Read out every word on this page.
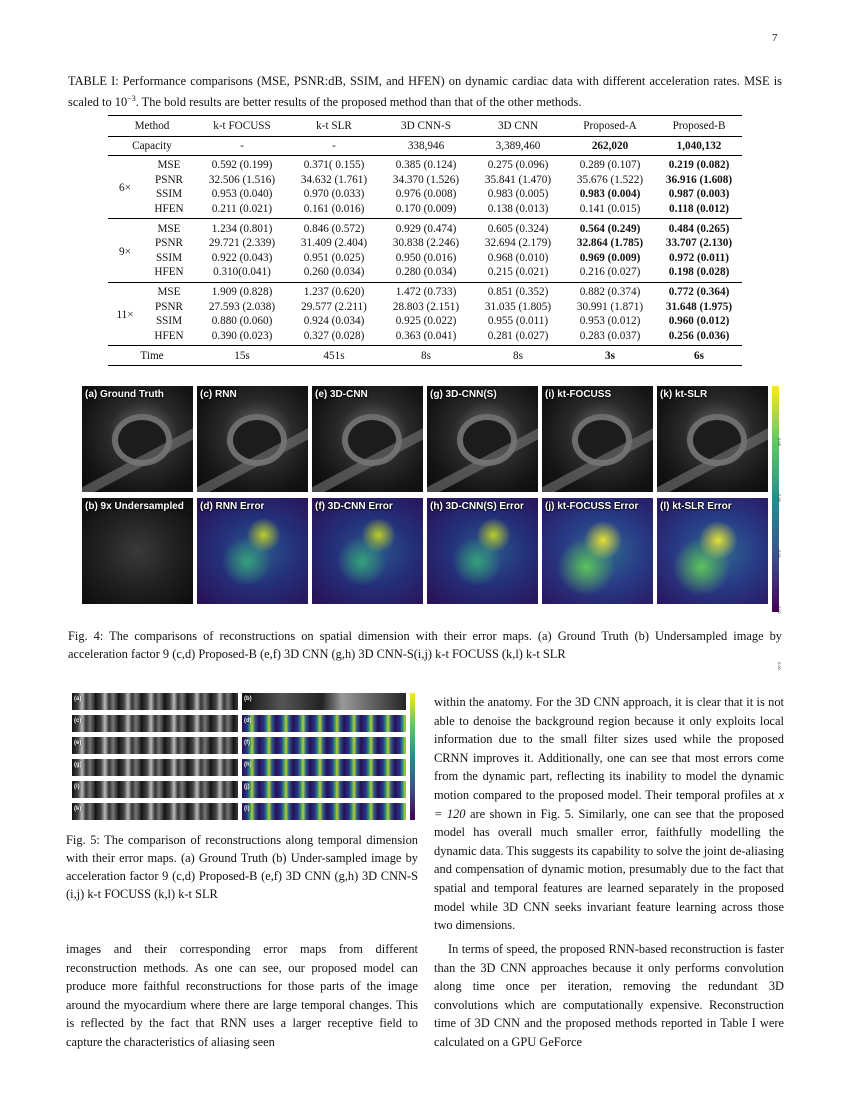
7
TABLE I: Performance comparisons (MSE, PSNR:dB, SSIM, and HFEN) on dynamic cardiac data with different acceleration rates. MSE is scaled to $10^{-3}$. The bold results are better results of the proposed method than that of the other methods.
Method		k-t FOCUSS	k-t SLR	3D CNN-S	3D CNN	Proposed-A	Proposed-B
Capacity		-	-	338,946	3,389,460	262,020	1,040,132
6×	MSE	0.592 (0.199)	0.371( 0.155)	0.385 (0.124)	0.275 (0.096)	0.289 (0.107)	0.219 (0.082)
	PSNR	32.506 (1.516)	34.632 (1.761)	34.370 (1.526)	35.841 (1.470)	35.676 (1.522)	36.916 (1.608)
	SSIM	0.953 (0.040)	0.970 (0.033)	0.976 (0.008)	0.983 (0.005)	0.983 (0.004)	0.987 (0.003)
	HFEN	0.211 (0.021)	0.161 (0.016)	0.170 (0.009)	0.138 (0.013)	0.141 (0.015)	0.118 (0.012)
9×	MSE	1.234 (0.801)	0.846 (0.572)	0.929 (0.474)	0.605 (0.324)	0.564 (0.249)	0.484 (0.265)
	PSNR	29.721 (2.339)	31.409 (2.404)	30.838 (2.246)	32.694 (2.179)	32.864 (1.785)	33.707 (2.130)
	SSIM	0.922 (0.043)	0.951 (0.025)	0.950 (0.016)	0.968 (0.010)	0.969 (0.009)	0.972 (0.011)
	HFEN	0.310(0.041)	0.260 (0.034)	0.280 (0.034)	0.215 (0.021)	0.216 (0.027)	0.198 (0.028)
11×	MSE	1.909 (0.828)	1.237 (0.620)	1.472 (0.733)	0.851 (0.352)	0.882 (0.374)	0.772 (0.364)
	PSNR	27.593 (2.038)	29.577 (2.211)	28.803 (2.151)	31.035 (1.805)	30.991 (1.871)	31.648 (1.975)
	SSIM	0.880 (0.060)	0.924 (0.034)	0.925 (0.022)	0.955 (0.011)	0.953 (0.012)	0.960 (0.012)
	HFEN	0.390 (0.023)	0.327 (0.028)	0.363 (0.041)	0.281 (0.027)	0.283 (0.037)	0.256 (0.036)
Time		15s	451s	8s	8s	3s	6s
(a) Ground Truth	(c) RNN	(e) 3D-CNN	(g) 3D-CNN(S)	(i) kt-FOCUSS	(k) kt-SLR
(b) 9x Undersampled (d) RNN Error	(f) 3D-CNN Error	(h) 3D-CNN(S) Error (j) kt-FOCUSS Error (l) kt-SLR Error
0.08
0.06
0.04
0.02
0.00
Fig. 4: The comparisons of reconstructions on spatial dimension with their error maps. (a) Ground Truth (b) Undersampled image by acceleration factor 9 (c,d) Proposed-B (e,f) 3D CNN (g,h) 3D CNN-S(i,j) k-t FOCUSS (k,l) k-t SLR
(a)
(c)
(e)
(g)
(i)
(k)
(b)
(d)
(f)
(h)
(j)
(l)
Fig. 5: The comparison of reconstructions along temporal dimension with their error maps. (a) Ground Truth (b) Under-sampled image by acceleration factor 9 (c,d) Proposed-B (e,f) 3D CNN (g,h) 3D CNN-S (i,j) k-t FOCUSS (k,l) k-t SLR
within the anatomy. For the 3D CNN approach, it is clear that it is not able to denoise the background region because it only exploits local information due to the small filter sizes used while the proposed CRNN improves it. Additionally, one can see that most errors come from the dynamic part, reflecting its inability to model the dynamic motion compared to the proposed model. Their temporal profiles at x = 120 are shown in Fig. 5. Similarly, one can see that the proposed model has overall much smaller error, faithfully modelling the dynamic data. This suggests its capability to solve the joint de-aliasing and compensation of dynamic motion, presumably due to the fact that spatial and temporal features are learned separately in the proposed model while 3D CNN seeks invariant feature learning across those two dimensions.
images and their corresponding error maps from different reconstruction methods. As one can see, our proposed model can produce more faithful reconstructions for those parts of the image around the myocardium where there are large temporal changes. This is reflected by the fact that RNN uses a larger receptive field to capture the characteristics of aliasing seen
In terms of speed, the proposed RNN-based reconstruction is faster than the 3D CNN approaches because it only performs convolution along time once per iteration, removing the redundant 3D convolutions which are computationally expensive. Reconstruction time of 3D CNN and the proposed methods reported in Table I were calculated on a GPU GeForce
